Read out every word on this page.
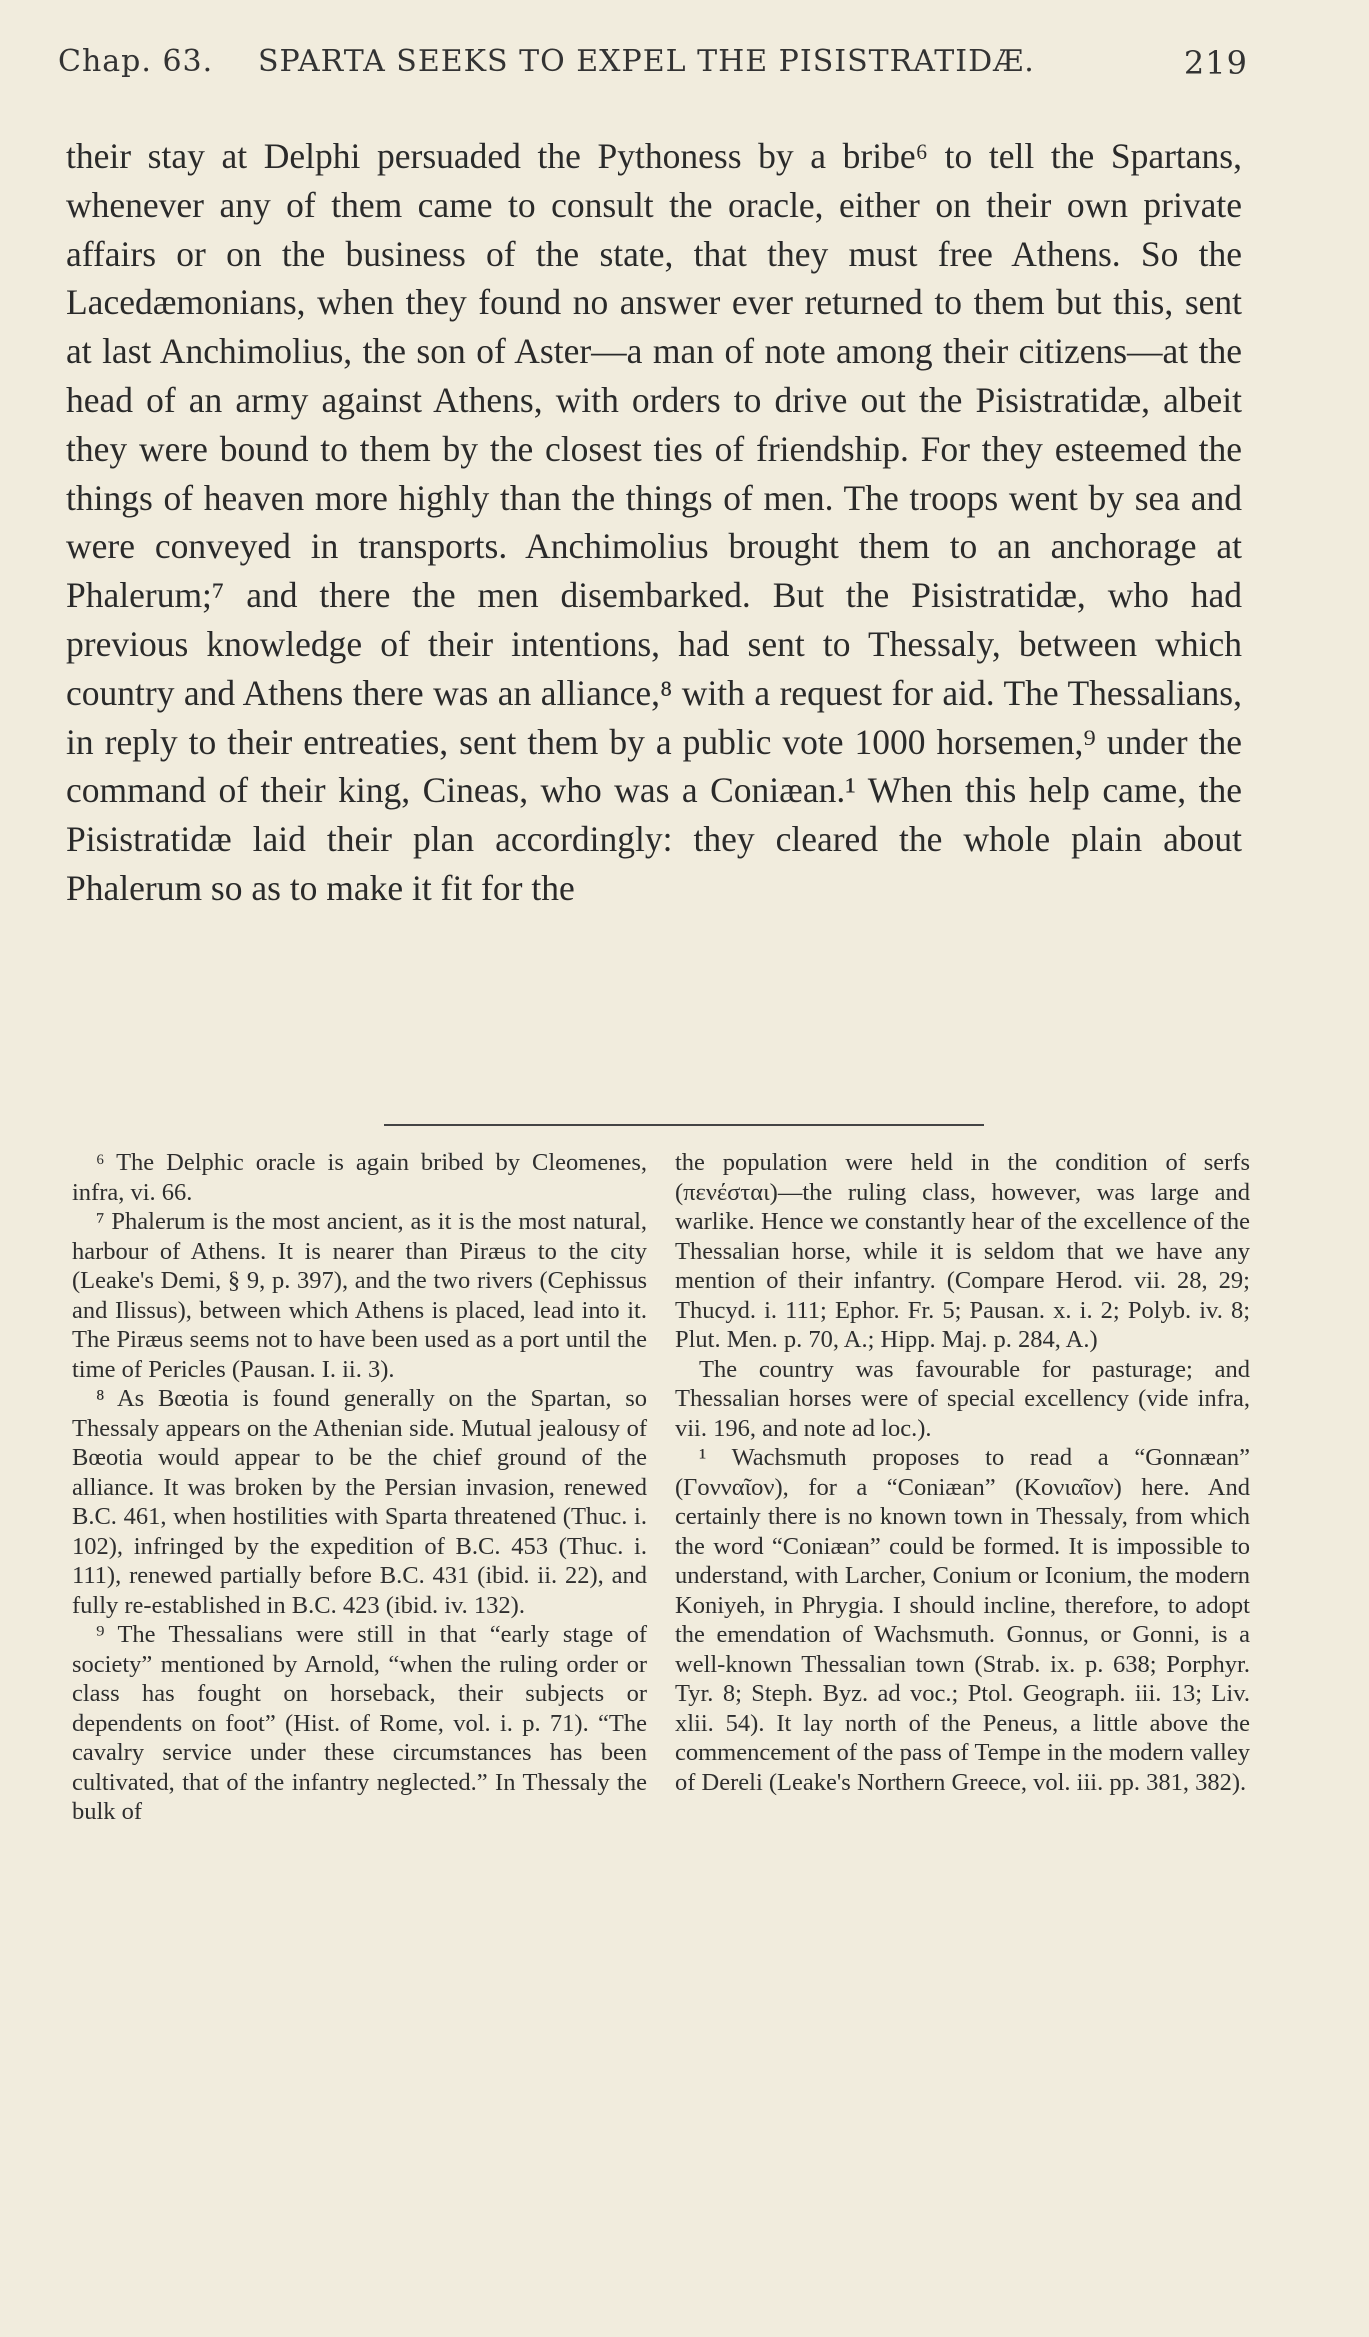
Chap. 63. SPARTA SEEKS TO EXPEL THE PISISTRATIDÆ.	219

their stay at Delphi persuaded the Pythoness by a bribe⁶ to tell the Spartans, whenever any of them came to consult the oracle, either on their own private affairs or on the business of the state, that they must free Athens. So the Lacedæmonians, when they found no answer ever returned to them but this, sent at last Anchimolius, the son of Aster—a man of note among their citizens—at the head of an army against Athens, with orders to drive out the Pisistratidæ, albeit they were bound to them by the closest ties of friendship. For they esteemed the things of heaven more highly than the things of men. The troops went by sea and were conveyed in transports. Anchimolius brought them to an anchorage at Phalerum;⁷ and there the men disembarked. But the Pisistratidæ, who had previous knowledge of their intentions, had sent to Thessaly, between which country and Athens there was an alliance,⁸ with a request for aid. The Thessalians, in reply to their entreaties, sent them by a public vote 1000 horsemen,⁹ under the command of their king, Cineas, who was a Coniæan.¹ When this help came, the Pisistratidæ laid their plan accordingly: they cleared the whole plain about Phalerum so as to make it fit for the

⁶ The Delphic oracle is again bribed by Cleomenes, infra, vi. 66.

⁷ Phalerum is the most ancient, as it is the most natural, harbour of Athens. It is nearer than Piræus to the city (Leake's Demi, § 9, p. 397), and the two rivers (Cephissus and Ilissus), between which Athens is placed, lead into it. The Piræus seems not to have been used as a port until the time of Pericles (Pausan. I. ii. 3).

⁸ As Bœotia is found generally on the Spartan, so Thessaly appears on the Athenian side. Mutual jealousy of Bœotia would appear to be the chief ground of the alliance. It was broken by the Persian invasion, renewed B.C. 461, when hostilities with Sparta threatened (Thuc. i. 102), infringed by the expedition of B.C. 453 (Thuc. i. 111), renewed partially before B.C. 431 (ibid. ii. 22), and fully re-established in B.C. 423 (ibid. iv. 132).

⁹ The Thessalians were still in that “early stage of society” mentioned by Arnold, “when the ruling order or class has fought on horseback, their subjects or dependents on foot” (Hist. of Rome, vol. i. p. 71). “The cavalry service under these circumstances has been cultivated, that of the infantry neglected.” In Thessaly the bulk of

the population were held in the condition of serfs (πενέσται)—the ruling class, however, was large and warlike. Hence we constantly hear of the excellence of the Thessalian horse, while it is seldom that we have any mention of their infantry. (Compare Herod. vii. 28, 29; Thucyd. i. 111; Ephor. Fr. 5; Pausan. x. i. 2; Polyb. iv. 8; Plut. Men. p. 70, A.; Hipp. Maj. p. 284, A.)

The country was favourable for pasturage; and Thessalian horses were of special excellency (vide infra, vii. 196, and note ad loc.).

¹ Wachsmuth proposes to read a “Gonnæan” (Γονναῖον), for a “Coniæan” (Κονιαῖον) here. And certainly there is no known town in Thessaly, from which the word “Coniæan” could be formed. It is impossible to understand, with Larcher, Conium or Iconium, the modern Koniyeh, in Phrygia. I should incline, therefore, to adopt the emendation of Wachsmuth. Gonnus, or Gonni, is a well-known Thessalian town (Strab. ix. p. 638; Porphyr. Tyr. 8; Steph. Byz. ad voc.; Ptol. Geograph. iii. 13; Liv. xlii. 54). It lay north of the Peneus, a little above the commencement of the pass of Tempe in the modern valley of Dereli (Leake's Northern Greece, vol. iii. pp. 381, 382).
